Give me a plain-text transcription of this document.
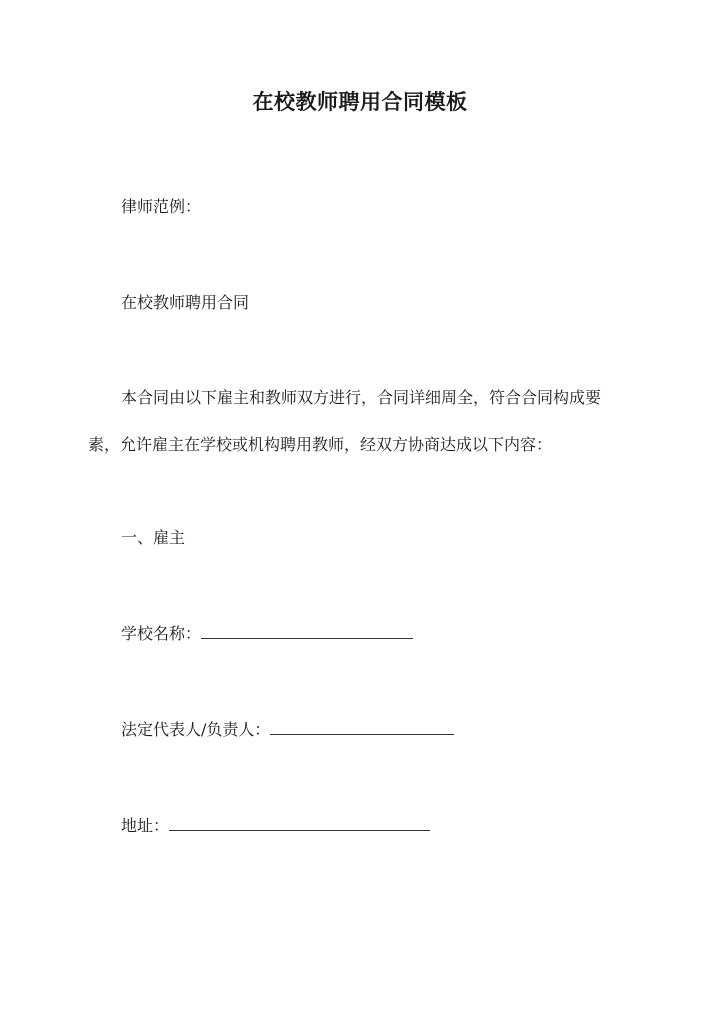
在校教师聘用合同模板
律师范例：
在校教师聘用合同
本合同由以下雇主和教师双方进行，合同详细周全，符合合同构成要
素，允许雇主在学校或机构聘用教师，经双方协商达成以下内容：
一、雇主
学校名称：
法定代表人/负责人：
地址：
